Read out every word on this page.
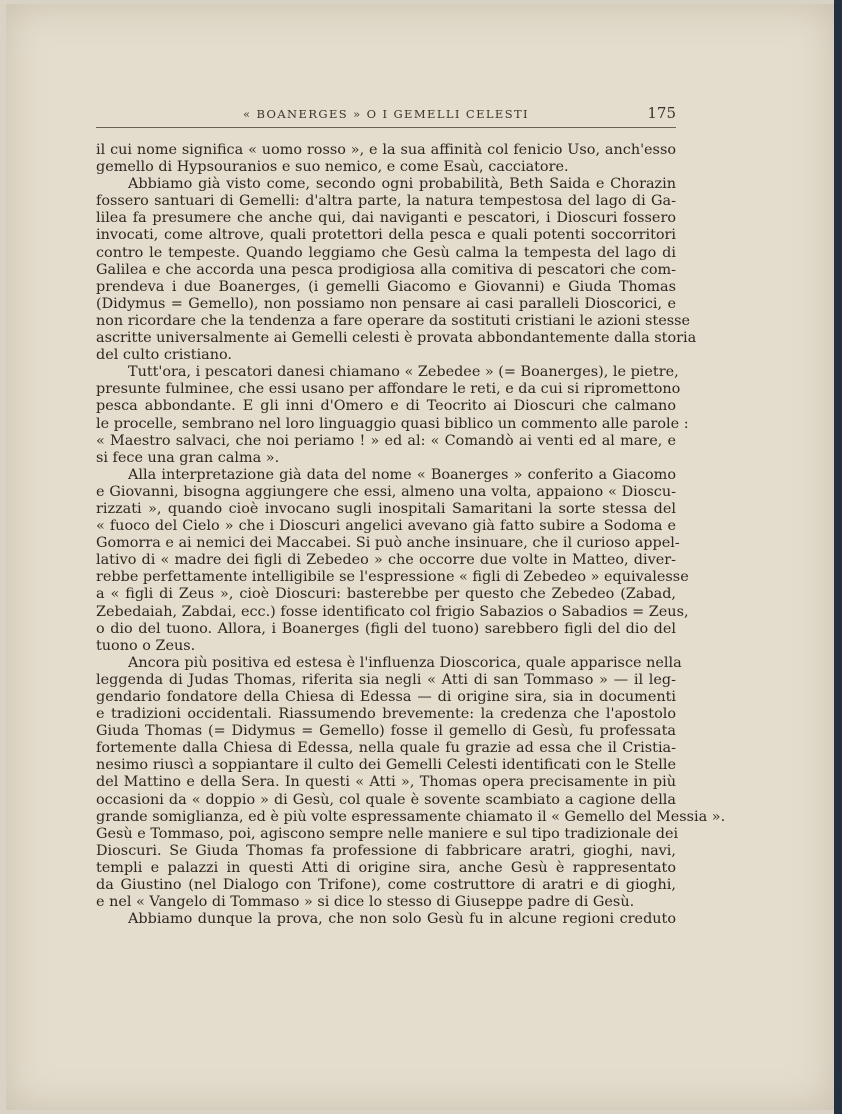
« BOANERGES » O I GEMELLI CELESTI	175
il cui nome significa « uomo rosso », e la sua affinità col fenicio Uso, anch'esso
gemello di Hypsouranios e suo nemico, e come Esaù, cacciatore.
Abbiamo già visto come, secondo ogni probabilità, Beth Saida e Chorazin
fossero santuari di Gemelli: d'altra parte, la natura tempestosa del lago di Ga-
lilea fa presumere che anche qui, dai naviganti e pescatori, i Dioscuri fossero
invocati, come altrove, quali protettori della pesca e quali potenti soccorritori
contro le tempeste. Quando leggiamo che Gesù calma la tempesta del lago di
Galilea e che accorda una pesca prodigiosa alla comitiva di pescatori che com-
prendeva i due Boanerges, (i gemelli Giacomo e Giovanni) e Giuda Thomas
(Didymus = Gemello), non possiamo non pensare ai casi paralleli Dioscorici, e
non ricordare che la tendenza a fare operare da sostituti cristiani le azioni stesse
ascritte universalmente ai Gemelli celesti è provata abbondantemente dalla storia
del culto cristiano.
Tutt'ora, i pescatori danesi chiamano « Zebedee » (= Boanerges), le pietre,
presunte fulminee, che essi usano per affondare le reti, e da cui si ripromettono
pesca abbondante. E gli inni d'Omero e di Teocrito ai Dioscuri che calmano
le procelle, sembrano nel loro linguaggio quasi biblico un commento alle parole :
« Maestro salvaci, che noi periamo ! » ed al: « Comandò ai venti ed al mare, e
si fece una gran calma ».
Alla interpretazione già data del nome « Boanerges » conferito a Giacomo
e Giovanni, bisogna aggiungere che essi, almeno una volta, appaiono « Dioscu-
rizzati », quando cioè invocano sugli inospitali Samaritani la sorte stessa del
« fuoco del Cielo » che i Dioscuri angelici avevano già fatto subire a Sodoma e
Gomorra e ai nemici dei Maccabei. Si può anche insinuare, che il curioso appel-
lativo di « madre dei figli di Zebedeo » che occorre due volte in Matteo, diver-
rebbe perfettamente intelligibile se l'espressione « figli di Zebedeo » equivalesse
a « figli di Zeus », cioè Dioscuri: basterebbe per questo che Zebedeo (Zabad,
Zebedaiah, Zabdai, ecc.) fosse identificato col frigio Sabazios o Sabadios = Zeus,
o dio del tuono. Allora, i Boanerges (figli del tuono) sarebbero figli del dio del
tuono o Zeus.
Ancora più positiva ed estesa è l'influenza Dioscorica, quale apparisce nella
leggenda di Judas Thomas, riferita sia negli « Atti di san Tommaso » — il leg-
gendario fondatore della Chiesa di Edessa — di origine sira, sia in documenti
e tradizioni occidentali. Riassumendo brevemente: la credenza che l'apostolo
Giuda Thomas (= Didymus = Gemello) fosse il gemello di Gesù, fu professata
fortemente dalla Chiesa di Edessa, nella quale fu grazie ad essa che il Cristia-
nesimo riuscì a soppiantare il culto dei Gemelli Celesti identificati con le Stelle
del Mattino e della Sera. In questi « Atti », Thomas opera precisamente in più
occasioni da « doppio » di Gesù, col quale è sovente scambiato a cagione della
grande somiglianza, ed è più volte espressamente chiamato il « Gemello del Messia ».
Gesù e Tommaso, poi, agiscono sempre nelle maniere e sul tipo tradizionale dei
Dioscuri. Se Giuda Thomas fa professione di fabbricare aratri, gioghi, navi,
templi e palazzi in questi Atti di origine sira, anche Gesù è rappresentato
da Giustino (nel Dialogo con Trifone), come costruttore di aratri e di gioghi,
e nel « Vangelo di Tommaso » si dice lo stesso di Giuseppe padre di Gesù.
Abbiamo dunque la prova, che non solo Gesù fu in alcune regioni creduto
